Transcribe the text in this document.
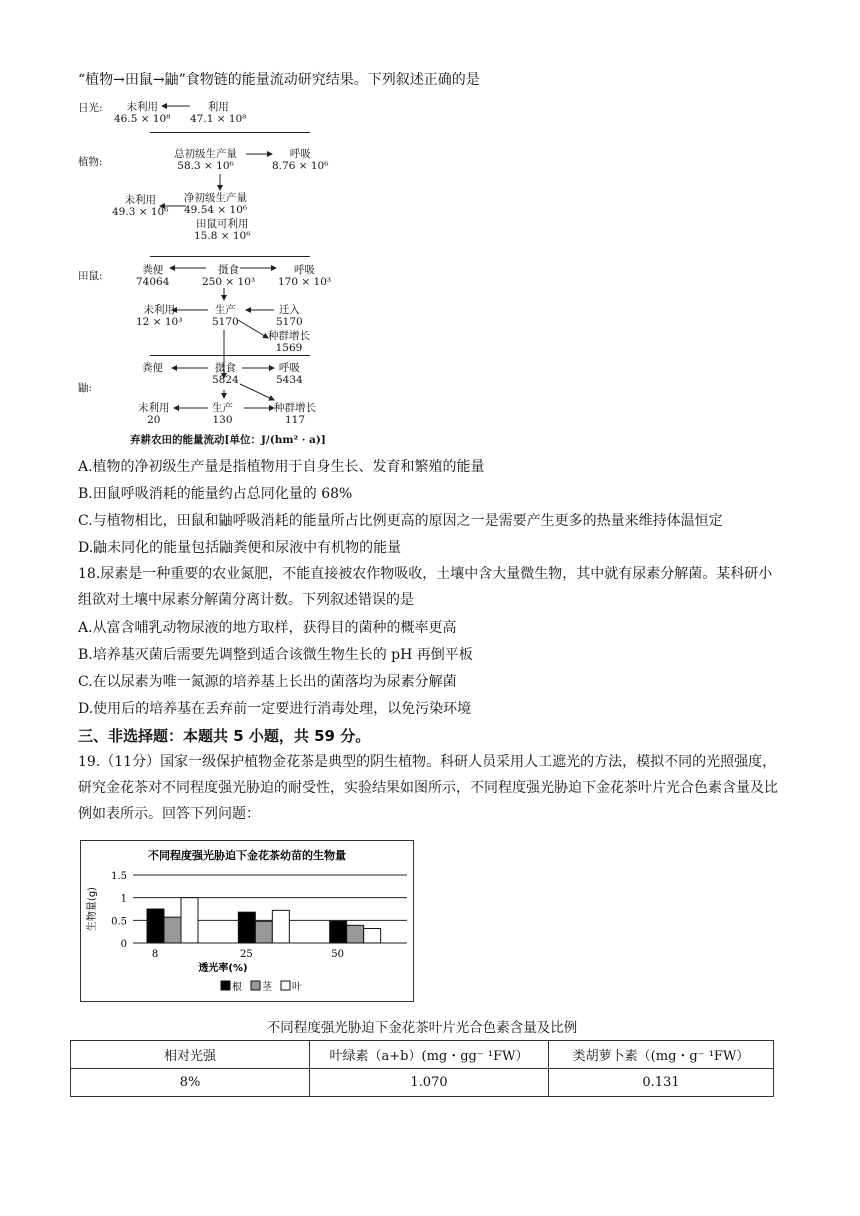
“植物→田鼠→鼬”食物链的能量流动研究结果。下列叙述正确的是
日光:
植物:
田鼠:
鼬:
未利用
46.5 × 10⁸
利用
47.1 × 10⁸
总初级生产量
58.3 × 10⁶
呼吸
8.76 × 10⁶
净初级生产量
49.54 × 10⁶
未利用
49.3 × 10⁶
田鼠可利用
15.8 × 10⁶
粪便
74064
摄食
250 × 10³
呼吸
170 × 10³
未利用
12 × 10³
生产
5170
迁入
5170
种群增长
1569
粪便	摄食
5824
呼吸
5434
未利用
20
生产
130
种群增长
117
弃耕农田的能量流动[单位：J/(hm² · a)]
A.植物的净初级生产量是指植物用于自身生长、发育和繁殖的能量
B.田鼠呼吸消耗的能量约占总同化量的 68%
C.与植物相比，田鼠和鼬呼吸消耗的能量所占比例更高的原因之一是需要产生更多的热量来维持体温恒定
D.鼬未同化的能量包括鼬粪便和尿液中有机物的能量
18.尿素是一种重要的农业氮肥，不能直接被农作物吸收，土壤中含大量微生物，其中就有尿素分解菌。某科研小组欲对土壤中尿素分解菌分离计数。下列叙述错误的是
A.从富含哺乳动物尿液的地方取样，获得目的菌种的概率更高
B.培养基灭菌后需要先调整到适合该微生物生长的 pH 再倒平板
C.在以尿素为唯一氮源的培养基上长出的菌落均为尿素分解菌
D.使用后的培养基在丢弃前一定要进行消毒处理，以免污染环境
三、非选择题：本题共 5 小题，共 59 分。
19.（11分）国家一级保护植物金花茶是典型的阴生植物。科研人员采用人工遮光的方法，模拟不同的光照强度，研究金花茶对不同程度强光胁迫的耐受性，实验结果如图所示，不同程度强光胁迫下金花茶叶片光合色素含量及比例如表所示。回答下列问题：
不同程度强光胁迫下金花茶幼苗的生物量
0
0.5
1
1.5
生物量(g)
8	25	50
透光率(%)
根 茎 叶
不同程度强光胁迫下金花茶叶片光合色素含量及比例
相对光强	叶绿素（a+b）(mg・gg⁻ ¹FW）	类胡萝卜素（(mg・g⁻ ¹FW）
8%	1.070	0.131
